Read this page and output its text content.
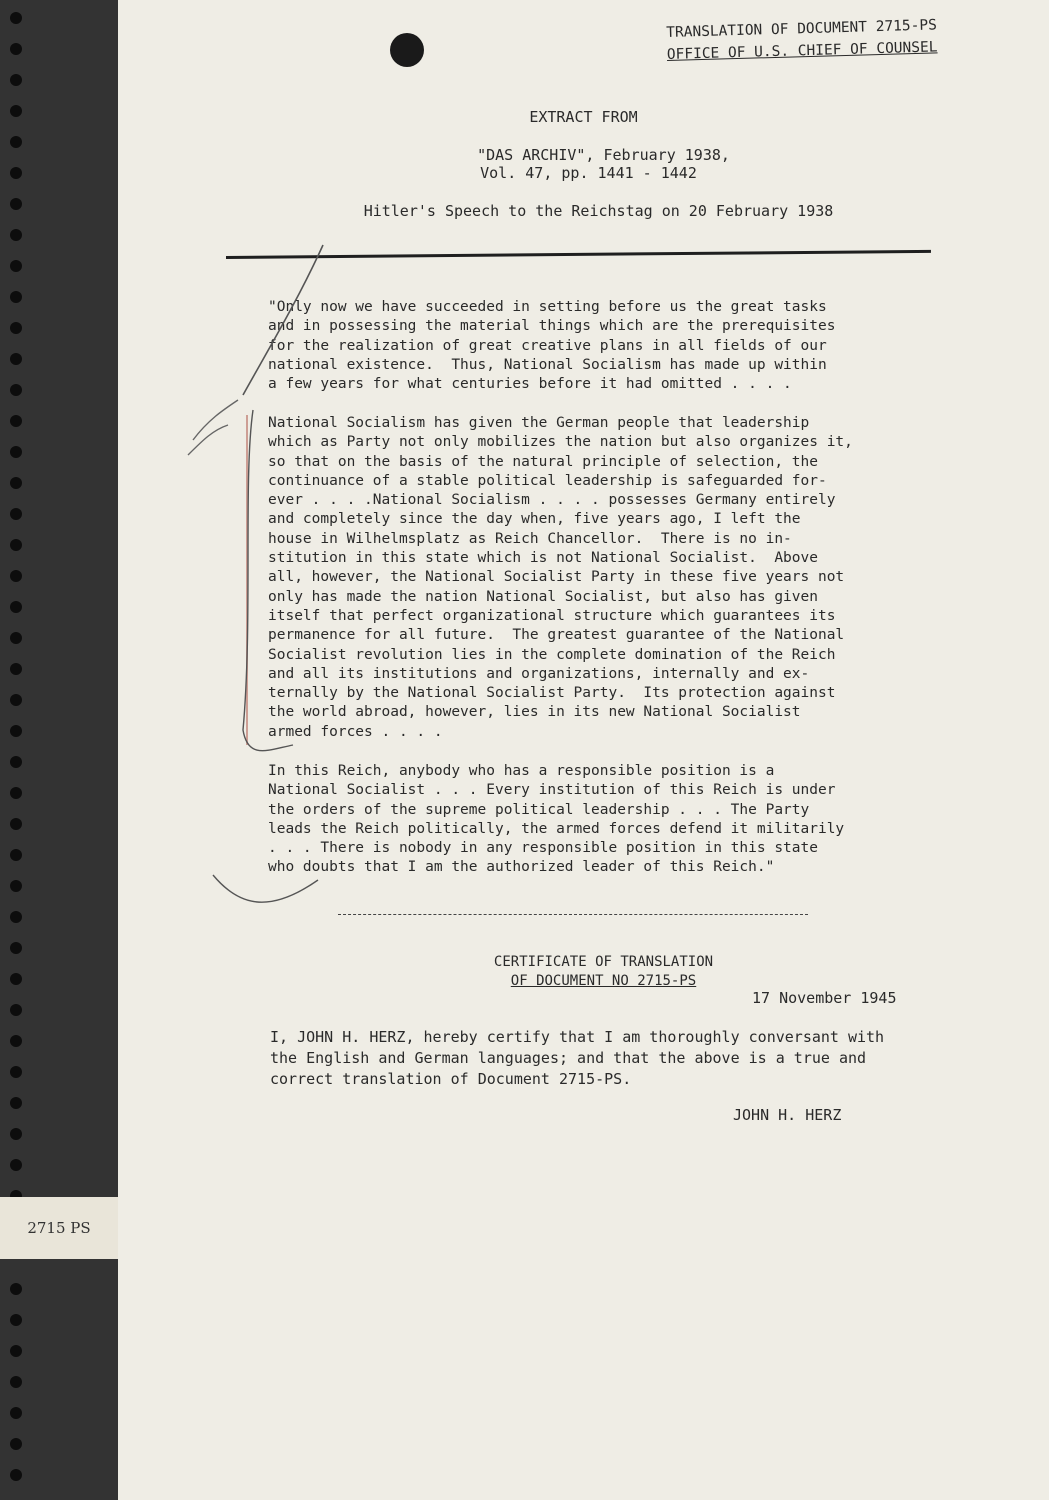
2715 PS
TRANSLATION OF DOCUMENT 2715-PS
OFFICE OF U.S. CHIEF OF COUNSEL
EXTRACT FROM
"DAS ARCHIV", February 1938,
Vol. 47, pp. 1441 - 1442
Hitler's Speech to the Reichstag on 20 February 1938
"Only now we have succeeded in setting before us the great tasks
and in possessing the material things which are the prerequisites
for the realization of great creative plans in all fields of our
national existence.  Thus, National Socialism has made up within
a few years for what centuries before it had omitted . . . .
National Socialism has given the German people that leadership
which as Party not only mobilizes the nation but also organizes it,
so that on the basis of the natural principle of selection, the
continuance of a stable political leadership is safeguarded for-
ever . . . .National Socialism . . . . possesses Germany entirely
and completely since the day when, five years ago, I left the
house in Wilhelmsplatz as Reich Chancellor.  There is no in-
stitution in this state which is not National Socialist.  Above
all, however, the National Socialist Party in these five years not
only has made the nation National Socialist, but also has given
itself that perfect organizational structure which guarantees its
permanence for all future.  The greatest guarantee of the National
Socialist revolution lies in the complete domination of the Reich
and all its institutions and organizations, internally and ex-
ternally by the National Socialist Party.  Its protection against
the world abroad, however, lies in its new National Socialist
armed forces . . . .
In this Reich, anybody who has a responsible position is a
National Socialist . . . Every institution of this Reich is under
the orders of the supreme political leadership . . . The Party
leads the Reich politically, the armed forces defend it militarily
. . . There is nobody in any responsible position in this state
who doubts that I am the authorized leader of this Reich."
CERTIFICATE OF TRANSLATION
OF DOCUMENT NO 2715-PS
17 November 1945
I, JOHN H. HERZ, hereby certify that I am thoroughly conversant with
the English and German languages; and that the above is a true and
correct translation of Document 2715-PS.
JOHN H. HERZ
